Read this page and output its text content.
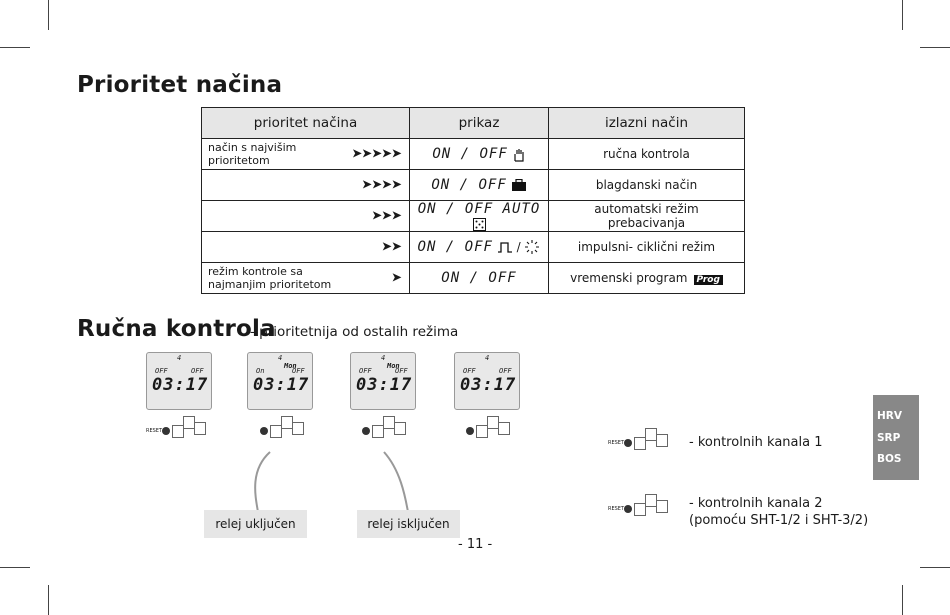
Prioritet načina
prioritet načina	prikaz	izlazni način
način s najvišim prioritetom ➤➤➤➤➤	ON / OFF	ručna kontrola

➤➤➤➤	ON / OFF	blagdanski način

➤➤➤	ON / OFF AUTO	automatski režim prebacivanja

➤➤	ON / OFF /	impulsni- ciklični režim
režim kontrole sa najmanjim prioritetom ➤	ON / OFF	vremenski program Prog
Ručna kontrola
- prioritetnija od ostalih režima
4
OFF	OFF
03:17
4
Mon
On	OFF
03:17
4
Mon
OFF	OFF
03:17
4
OFF	OFF
03:17
RESET
relej uključen	relej isključen
RESET	- kontrolnih kanala 1
RESET	- kontrolnih kanala 2
(pomoću SHT-1/2 i SHT-3/2)
HRV
SRP
BOS
- 11 -
